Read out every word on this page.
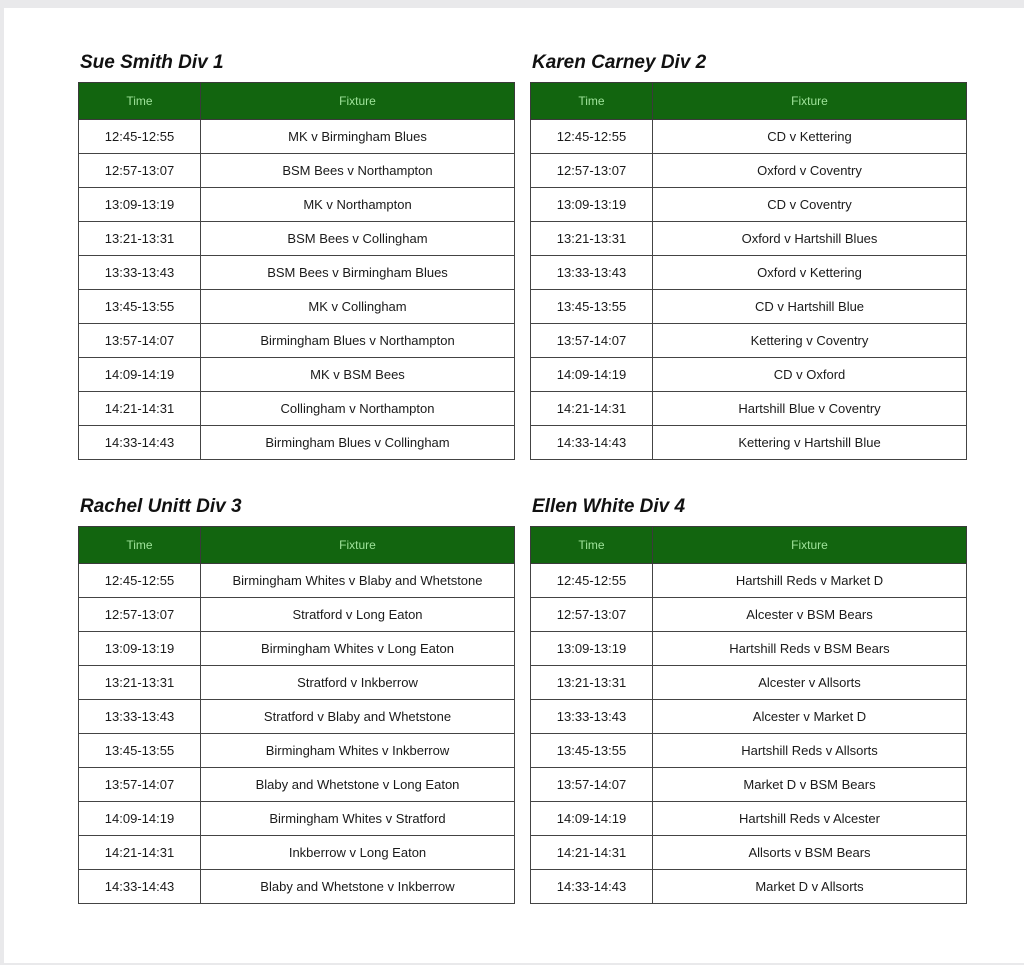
Sue Smith Div 1
Time	Fixture
12:45-12:55	MK v Birmingham Blues
12:57-13:07	BSM Bees v Northampton
13:09-13:19	MK v Northampton
13:21-13:31	BSM Bees v Collingham
13:33-13:43	BSM Bees v Birmingham Blues
13:45-13:55	MK v Collingham
13:57-14:07	Birmingham Blues v Northampton
14:09-14:19	MK v BSM Bees
14:21-14:31	Collingham v Northampton
14:33-14:43	Birmingham Blues v Collingham
Karen Carney Div 2
Time	Fixture
12:45-12:55	CD v Kettering
12:57-13:07	Oxford v Coventry
13:09-13:19	CD v Coventry
13:21-13:31	Oxford v Hartshill Blues
13:33-13:43	Oxford v Kettering
13:45-13:55	CD v Hartshill Blue
13:57-14:07	Kettering v Coventry
14:09-14:19	CD v Oxford
14:21-14:31	Hartshill Blue v Coventry
14:33-14:43	Kettering v Hartshill Blue
Rachel Unitt Div 3
Time	Fixture
12:45-12:55	Birmingham Whites v Blaby and Whetstone
12:57-13:07	Stratford v Long Eaton
13:09-13:19	Birmingham Whites v Long Eaton
13:21-13:31	Stratford v Inkberrow
13:33-13:43	Stratford v Blaby and Whetstone
13:45-13:55	Birmingham Whites v Inkberrow
13:57-14:07	Blaby and Whetstone v Long Eaton
14:09-14:19	Birmingham Whites v Stratford
14:21-14:31	Inkberrow v Long Eaton
14:33-14:43	Blaby and Whetstone v Inkberrow
Ellen White Div 4
Time	Fixture
12:45-12:55	Hartshill Reds v Market D
12:57-13:07	Alcester v BSM Bears
13:09-13:19	Hartshill Reds v BSM Bears
13:21-13:31	Alcester v Allsorts
13:33-13:43	Alcester v Market D
13:45-13:55	Hartshill Reds v Allsorts
13:57-14:07	Market D v BSM Bears
14:09-14:19	Hartshill Reds v Alcester
14:21-14:31	Allsorts v BSM Bears
14:33-14:43	Market D v Allsorts
